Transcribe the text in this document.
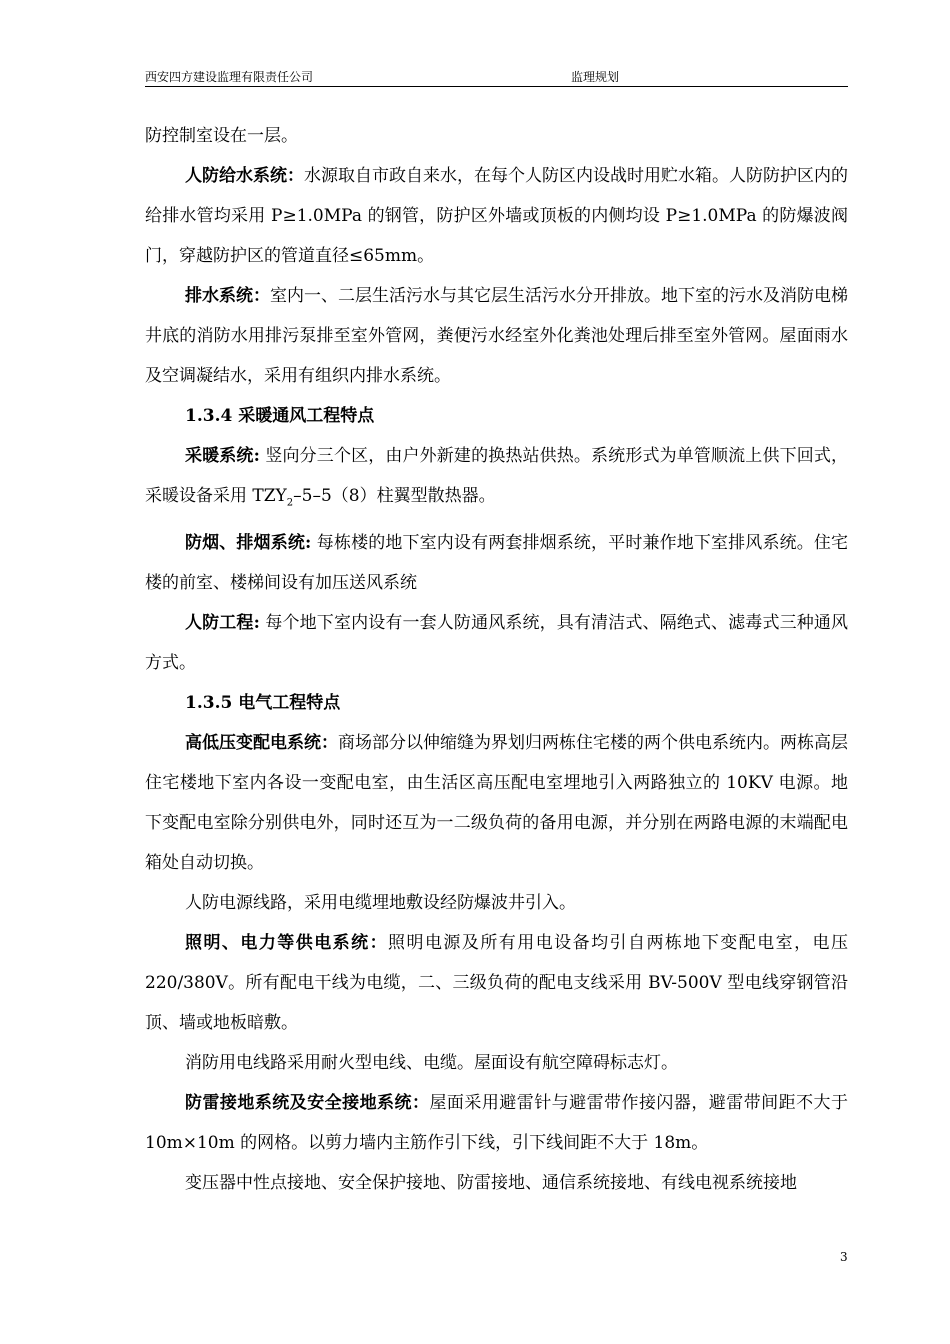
西安四方建设监理有限责任公司	监理规划

防控制室设在一层。

人防给水系统：水源取自市政自来水，在每个人防区内设战时用贮水箱。人防防护区内的给排水管均采用 P≥1.0MPa 的钢管，防护区外墙或顶板的内侧均设 P≥1.0MPa 的防爆波阀门，穿越防护区的管道直径≤65mm。

排水系统：室内一、二层生活污水与其它层生活污水分开排放。地下室的污水及消防电梯井底的消防水用排污泵排至室外管网，粪便污水经室外化粪池处理后排至室外管网。屋面雨水及空调凝结水，采用有组织内排水系统。

1.3.4 采暖通风工程特点

采暖系统: 竖向分三个区，由户外新建的换热站供热。系统形式为单管顺流上供下回式，采暖设备采用 $TZY_2-5-5(8)$柱翼型散热器。

防烟、排烟系统: 每栋楼的地下室内设有两套排烟系统，平时兼作地下室排风系统。住宅楼的前室、楼梯间设有加压送风系统

人防工程: 每个地下室内设有一套人防通风系统，具有清洁式、隔绝式、滤毒式三种通风方式。

1.3.5 电气工程特点

高低压变配电系统：商场部分以伸缩缝为界划归两栋住宅楼的两个供电系统内。两栋高层住宅楼地下室内各设一变配电室，由生活区高压配电室埋地引入两路独立的 10KV 电源。地下变配电室除分别供电外，同时还互为一二级负荷的备用电源，并分别在两路电源的末端配电箱处自动切换。

人防电源线路，采用电缆埋地敷设经防爆波井引入。

照明、电力等供电系统：照明电源及所有用电设备均引自两栋地下变配电室，电压 220/380V。所有配电干线为电缆，二、三级负荷的配电支线采用 BV-500V 型电线穿钢管沿顶、墙或地板暗敷。

消防用电线路采用耐火型电线、电缆。屋面设有航空障碍标志灯。

防雷接地系统及安全接地系统：屋面采用避雷针与避雷带作接闪器，避雷带间距不大于 10m×10m 的网格。以剪力墙内主筋作引下线，引下线间距不大于 18m。

变压器中性点接地、安全保护接地、防雷接地、通信系统接地、有线电视系统接地

3
